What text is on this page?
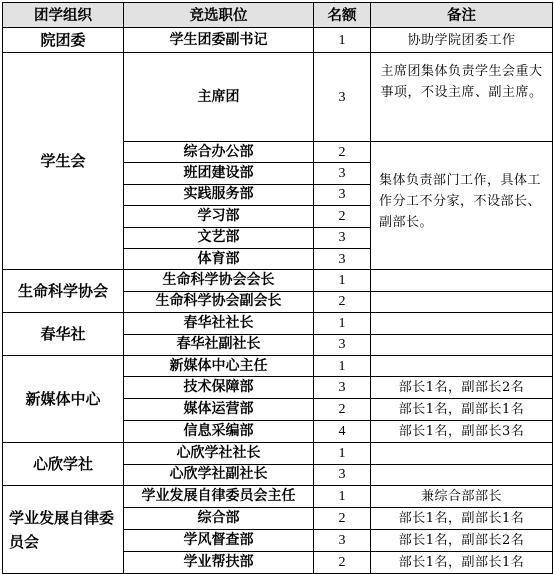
团学组织	竞选职位	名额	备注
院团委	学生团委副书记	1	协助学院团委工作
学生会	主席团	3	主席团集体负责学生会重大事项，不设主席、副主席。
	综合办公部	2	集体负责部门工作，具体工作分工不分家，不设部长、副部长。
	班团建设部	3	
	实践服务部	3	
	学习部	2	
	文艺部	3	
	体育部	3	
生命科学协会	生命科学协会会长	1	
	生命科学协会副会长	2	
春华社	春华社社长	1	
	春华社副社长	3	
新媒体中心	新媒体中心主任	1	
	技术保障部	3	部长1名，副部长2名
	媒体运营部	2	部长1名，副部长1名
	信息采编部	4	部长1名，副部长3名
心欣学社	心欣学社社长	1	
	心欣学社副社长	3	
学业发展自律委员会	学业发展自律委员会主任	1	兼综合部部长
	综合部	2	部长1名，副部长1名
	学风督查部	3	部长1名，副部长2名
	学业帮扶部	2	部长1名，副部长1名
